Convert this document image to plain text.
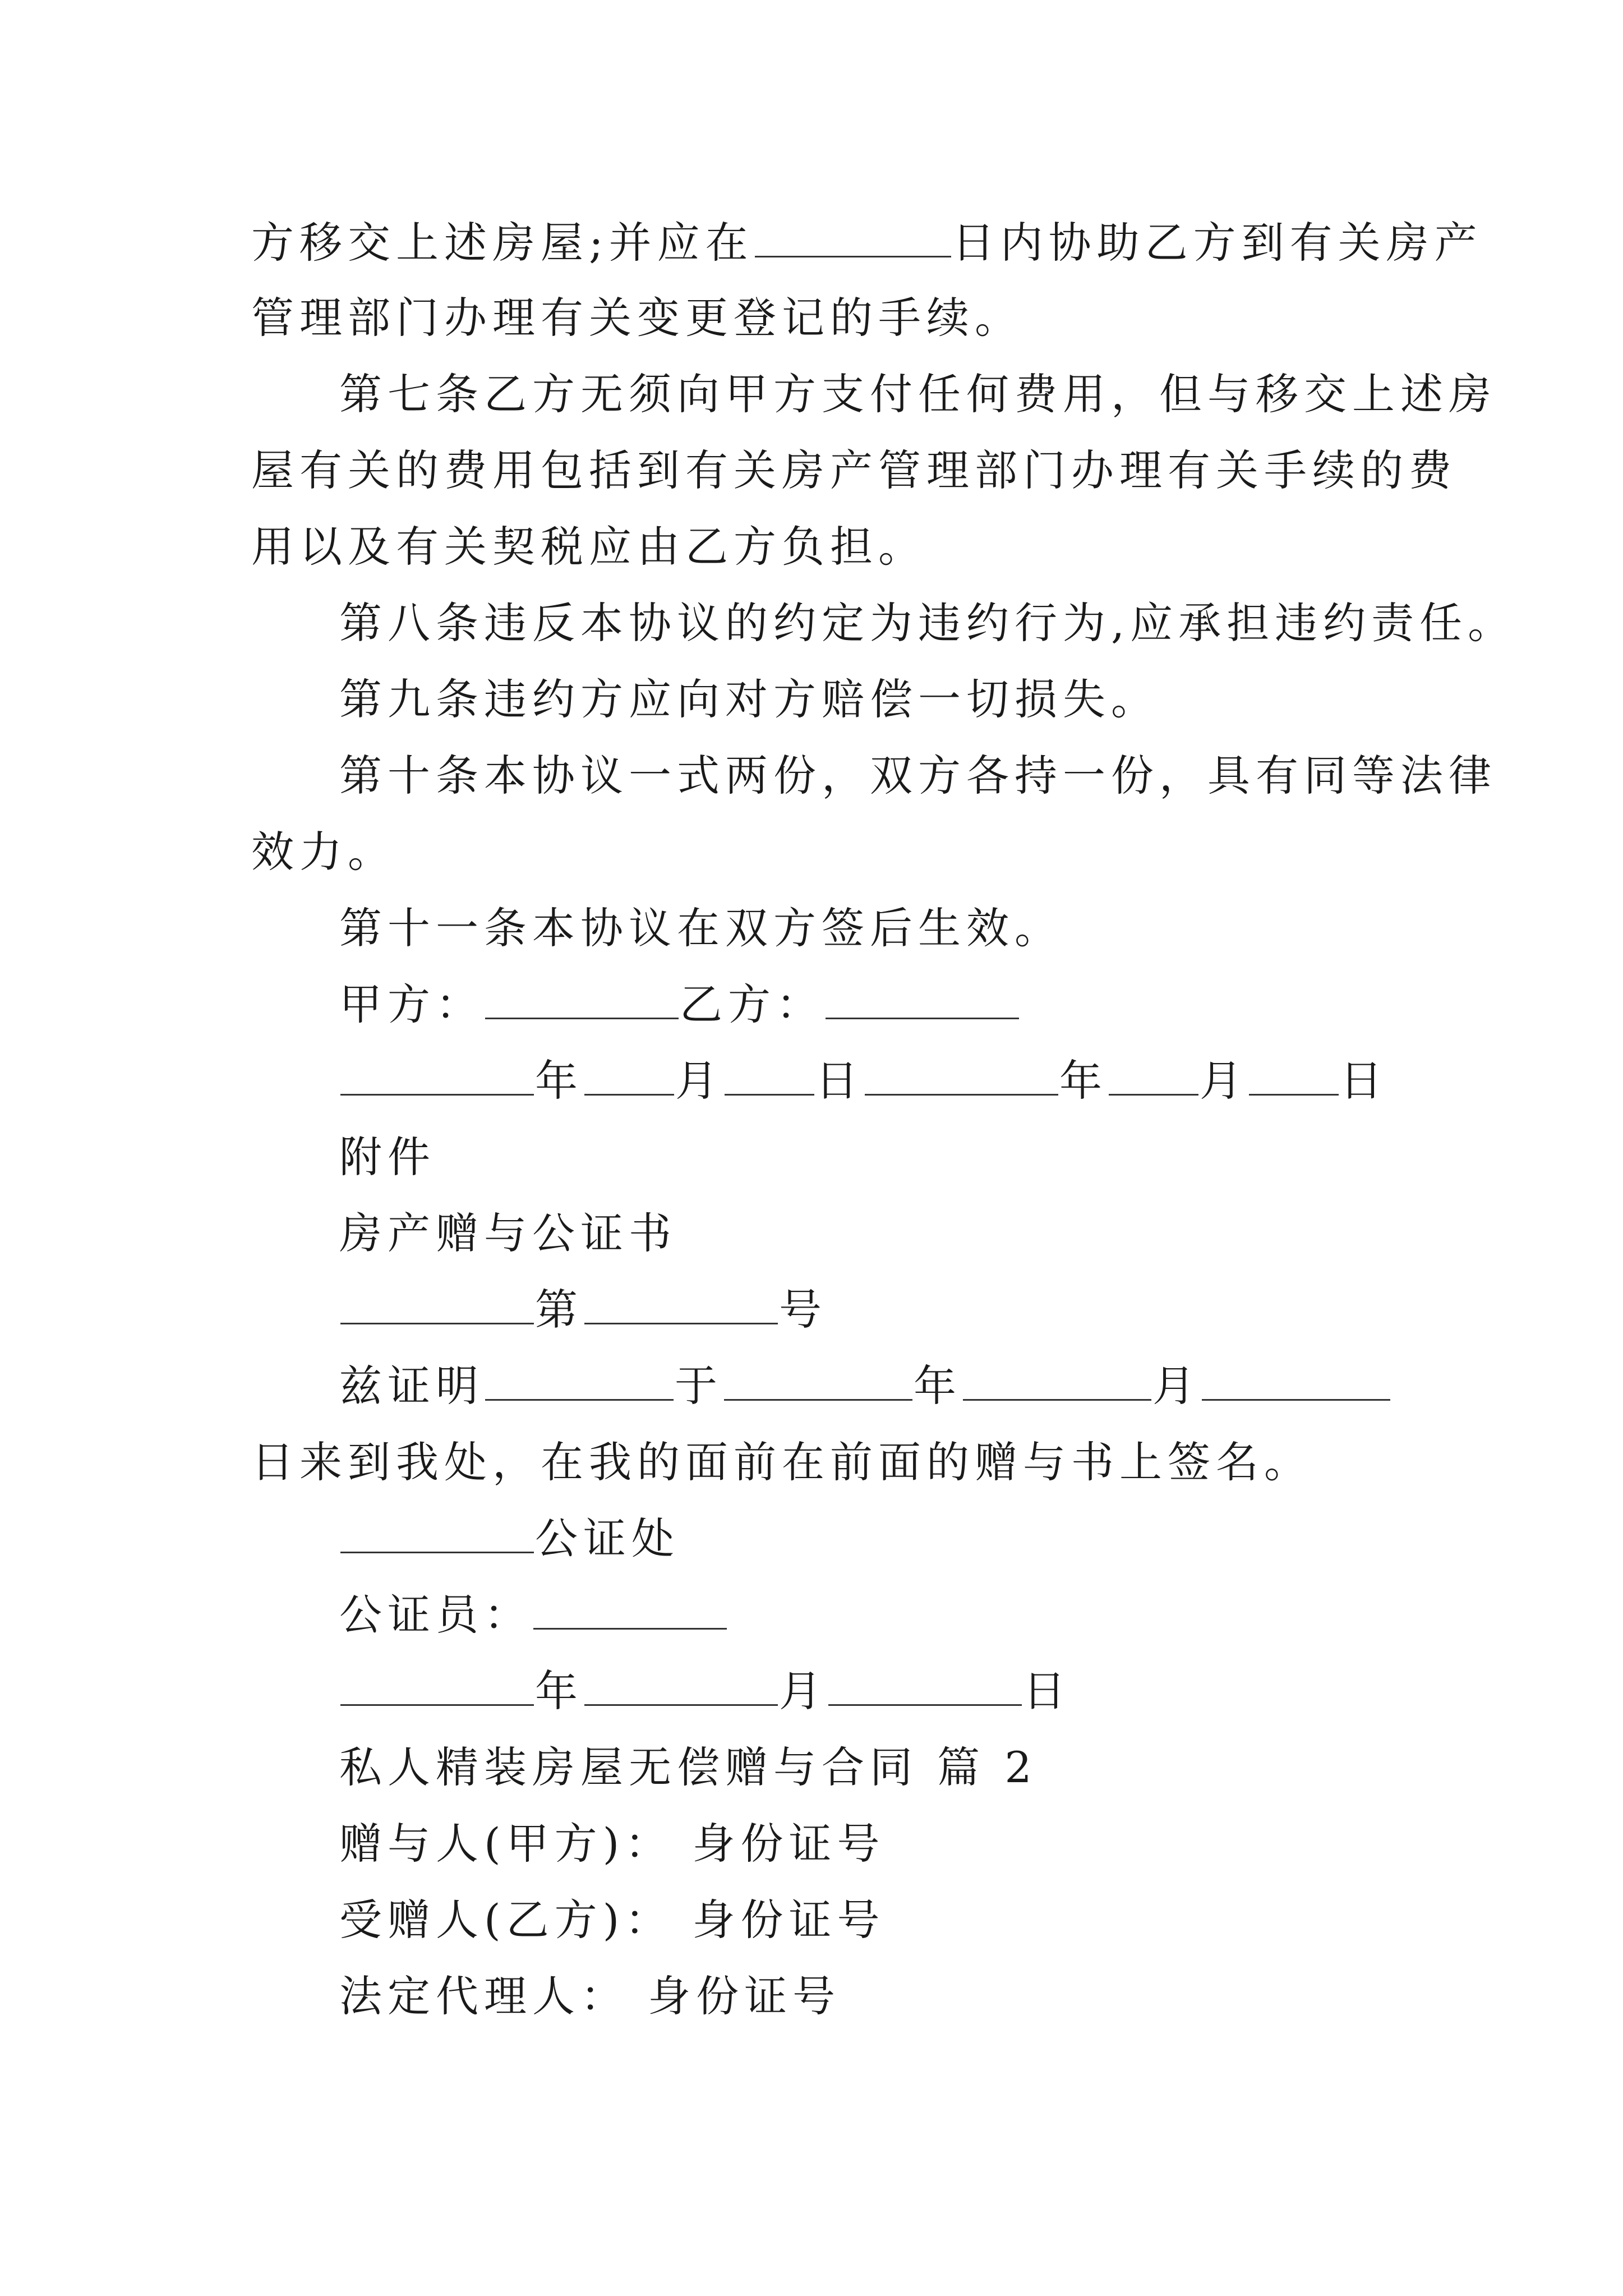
方移交上述房屋;并应在	日内协助乙方到有关房产
管理部门办理有关变更登记的手续。
第七条乙方无须向甲方支付任何费用，但与移交上述房
屋有关的费用包括到有关房产管理部门办理有关手续的费
用以及有关契税应由乙方负担。
第八条违反本协议的约定为违约行为,应承担违约责任。
第九条违约方应向对方赔偿一切损失。
第十条本协议一式两份，双方各持一份，具有同等法律
效力。
第十一条本协议在双方签后生效。
甲方：	乙方：
年 月 日	年 月 日
附件
房产赠与公证书
第	号
兹证明	于	年	月
日来到我处，在我的面前在前面的赠与书上签名。
公证处
公证员：
年	月	日
私人精装房屋无偿赠与合同 篇 2
赠与人(甲方)： 身份证号
受赠人(乙方)： 身份证号
法定代理人： 身份证号
